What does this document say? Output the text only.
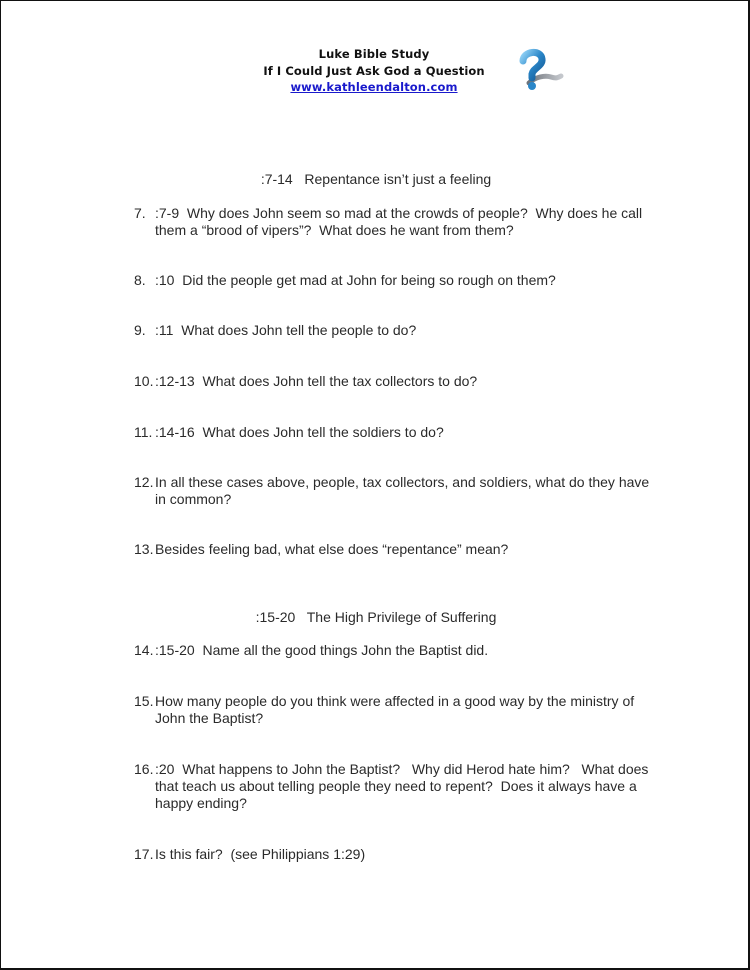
Luke Bible Study
If I Could Just Ask God a Question
www.kathleendalton.com
:7-14   Repentance isn’t just a feeling
7. :7-9  Why does John seem so mad at the crowds of people?  Why does he call them a “brood of vipers”?  What does he want from them?
8. :10  Did the people get mad at John for being so rough on them?
9. :11  What does John tell the people to do?
10. :12-13  What does John tell the tax collectors to do?
11. :14-16  What does John tell the soldiers to do?
12. In all these cases above, people, tax collectors, and soldiers, what do they have in common?
13. Besides feeling bad, what else does “repentance” mean?
:15-20   The High Privilege of Suffering
14. :15-20  Name all the good things John the Baptist did.
15. How many people do you think were affected in a good way by the ministry of John the Baptist?
16. :20  What happens to John the Baptist?   Why did Herod hate him?   What does that teach us about telling people they need to repent?  Does it always have a happy ending?
17. Is this fair?  (see Philippians 1:29)
